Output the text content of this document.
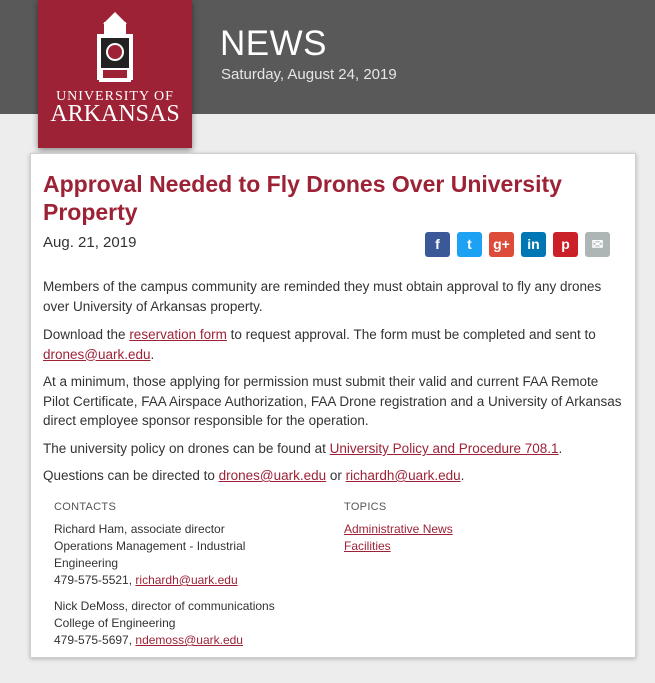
UNIVERSITY OF
ARKANSAS
NEWS
Saturday, August 24, 2019
Approval Needed to Fly Drones Over University Property
Aug. 21, 2019	f	t	g+	in	p	✉

Members of the campus community are reminded they must obtain approval to fly any drones over University of Arkansas property.

Download the reservation form to request approval. The form must be completed and sent to drones@uark.edu.

At a minimum, those applying for permission must submit their valid and current FAA Remote Pilot Certificate, FAA Airspace Authorization, FAA Drone registration and a University of Arkansas direct employee sponsor responsible for the operation.

The university policy on drones can be found at University Policy and Procedure 708.1.

Questions can be directed to drones@uark.edu or richardh@uark.edu.

CONTACTS
Richard Ham, associate director
Operations Management - Industrial
Engineering
479-575-5521, richardh@uark.edu
Nick DeMoss, director of communications
College of Engineering
479-575-5697, ndemoss@uark.edu
TOPICS
Administrative News
Facilities
